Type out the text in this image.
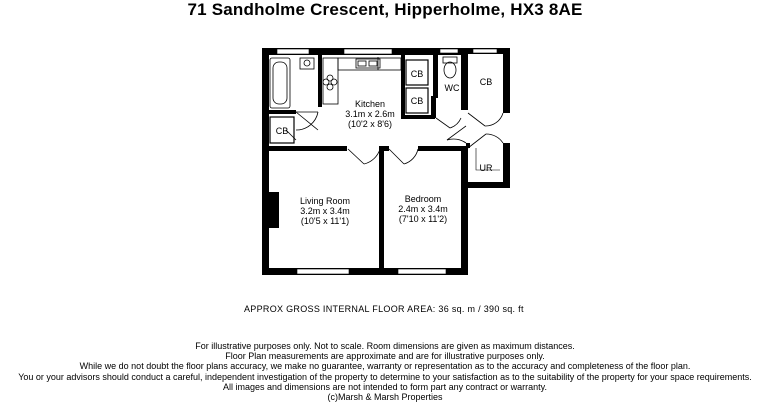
71 Sandholme Crescent, Hipperholme, HX3 8AE
Kitchen
3.1m x 2.6m
(10'2 x 8'6)
Living Room
3.2m x 3.4m
(10'5 x 11'1)
Bedroom
2.4m x 3.4m
(7'10 x 11'2)
CB
CB
CB
CB
WC
UR
APPROX GROSS INTERNAL FLOOR AREA: 36 sq. m / 390 sq. ft
For illustrative purposes only. Not to scale. Room dimensions are given as maximum distances.
Floor Plan measurements are approximate and are for illustrative purposes only.
While we do not doubt the floor plans accuracy, we make no guarantee, warranty or representation as to the accuracy and completeness of the floor plan.
You or your advisors should conduct a careful, independent investigation of the property to determine to your satisfaction as to the suitability of the property for your space requirements.
All images and dimensions are not intended to form part any contract or warranty.
(c)Marsh & Marsh Properties
